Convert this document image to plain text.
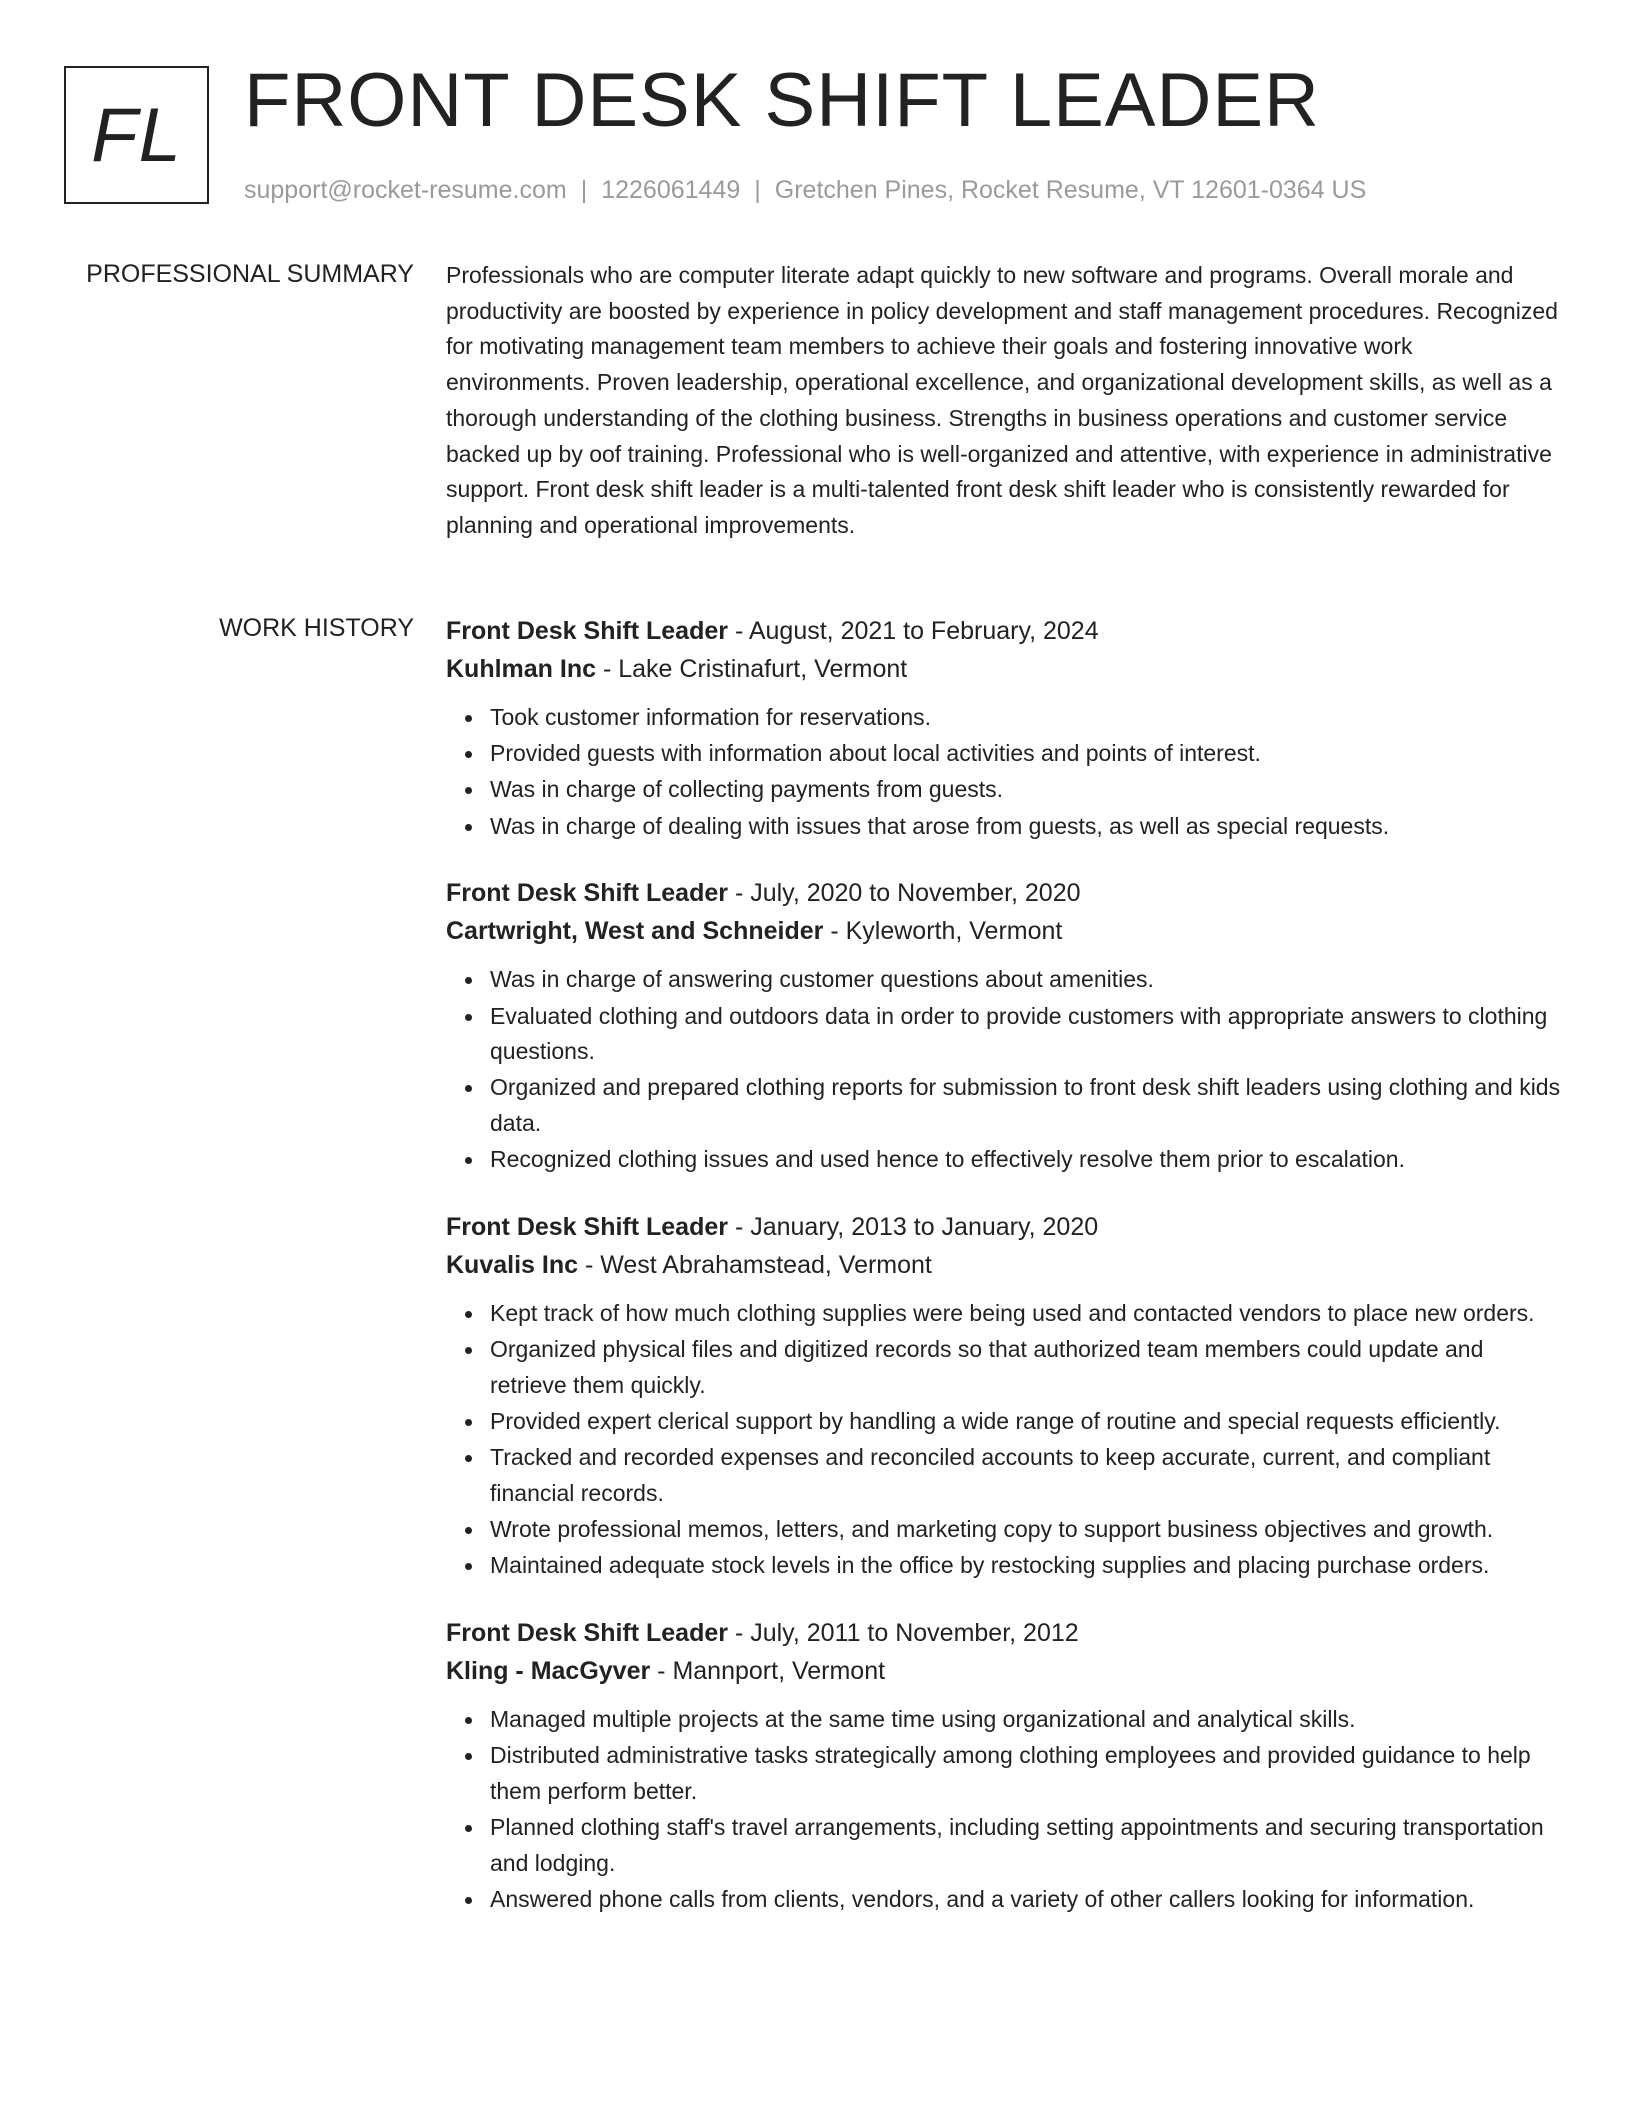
FL FRONT DESK SHIFT LEADER
support@rocket-resume.com | 1226061449 | Gretchen Pines, Rocket Resume, VT 12601-0364 US
PROFESSIONAL SUMMARY Professionals who are computer literate adapt quickly to new software and programs. Overall morale and productivity are boosted by experience in policy development and staff management procedures. Recognized for motivating management team members to achieve their goals and fostering innovative work environments. Proven leadership, operational excellence, and organizational development skills, as well as a thorough understanding of the clothing business. Strengths in business operations and customer service backed up by oof training. Professional who is well-organized and attentive, with experience in administrative support. Front desk shift leader is a multi-talented front desk shift leader who is consistently rewarded for planning and operational improvements.
WORK HISTORY Front Desk Shift Leader - August, 2021 to February, 2024
Kuhlman Inc - Lake Cristinafurt, Vermont
Took customer information for reservations.
Provided guests with information about local activities and points of interest.
Was in charge of collecting payments from guests.
Was in charge of dealing with issues that arose from guests, as well as special requests.
Front Desk Shift Leader - July, 2020 to November, 2020
Cartwright, West and Schneider - Kyleworth, Vermont
Was in charge of answering customer questions about amenities.
Evaluated clothing and outdoors data in order to provide customers with appropriate answers to clothing questions.
Organized and prepared clothing reports for submission to front desk shift leaders using clothing and kids data.
Recognized clothing issues and used hence to effectively resolve them prior to escalation.
Front Desk Shift Leader - January, 2013 to January, 2020
Kuvalis Inc - West Abrahamstead, Vermont
Kept track of how much clothing supplies were being used and contacted vendors to place new orders.
Organized physical files and digitized records so that authorized team members could update and retrieve them quickly.
Provided expert clerical support by handling a wide range of routine and special requests efficiently.
Tracked and recorded expenses and reconciled accounts to keep accurate, current, and compliant financial records.
Wrote professional memos, letters, and marketing copy to support business objectives and growth.
Maintained adequate stock levels in the office by restocking supplies and placing purchase orders.
Front Desk Shift Leader - July, 2011 to November, 2012
Kling - MacGyver - Mannport, Vermont
Managed multiple projects at the same time using organizational and analytical skills.
Distributed administrative tasks strategically among clothing employees and provided guidance to help them perform better.
Planned clothing staff's travel arrangements, including setting appointments and securing transportation and lodging.
Answered phone calls from clients, vendors, and a variety of other callers looking for information.
